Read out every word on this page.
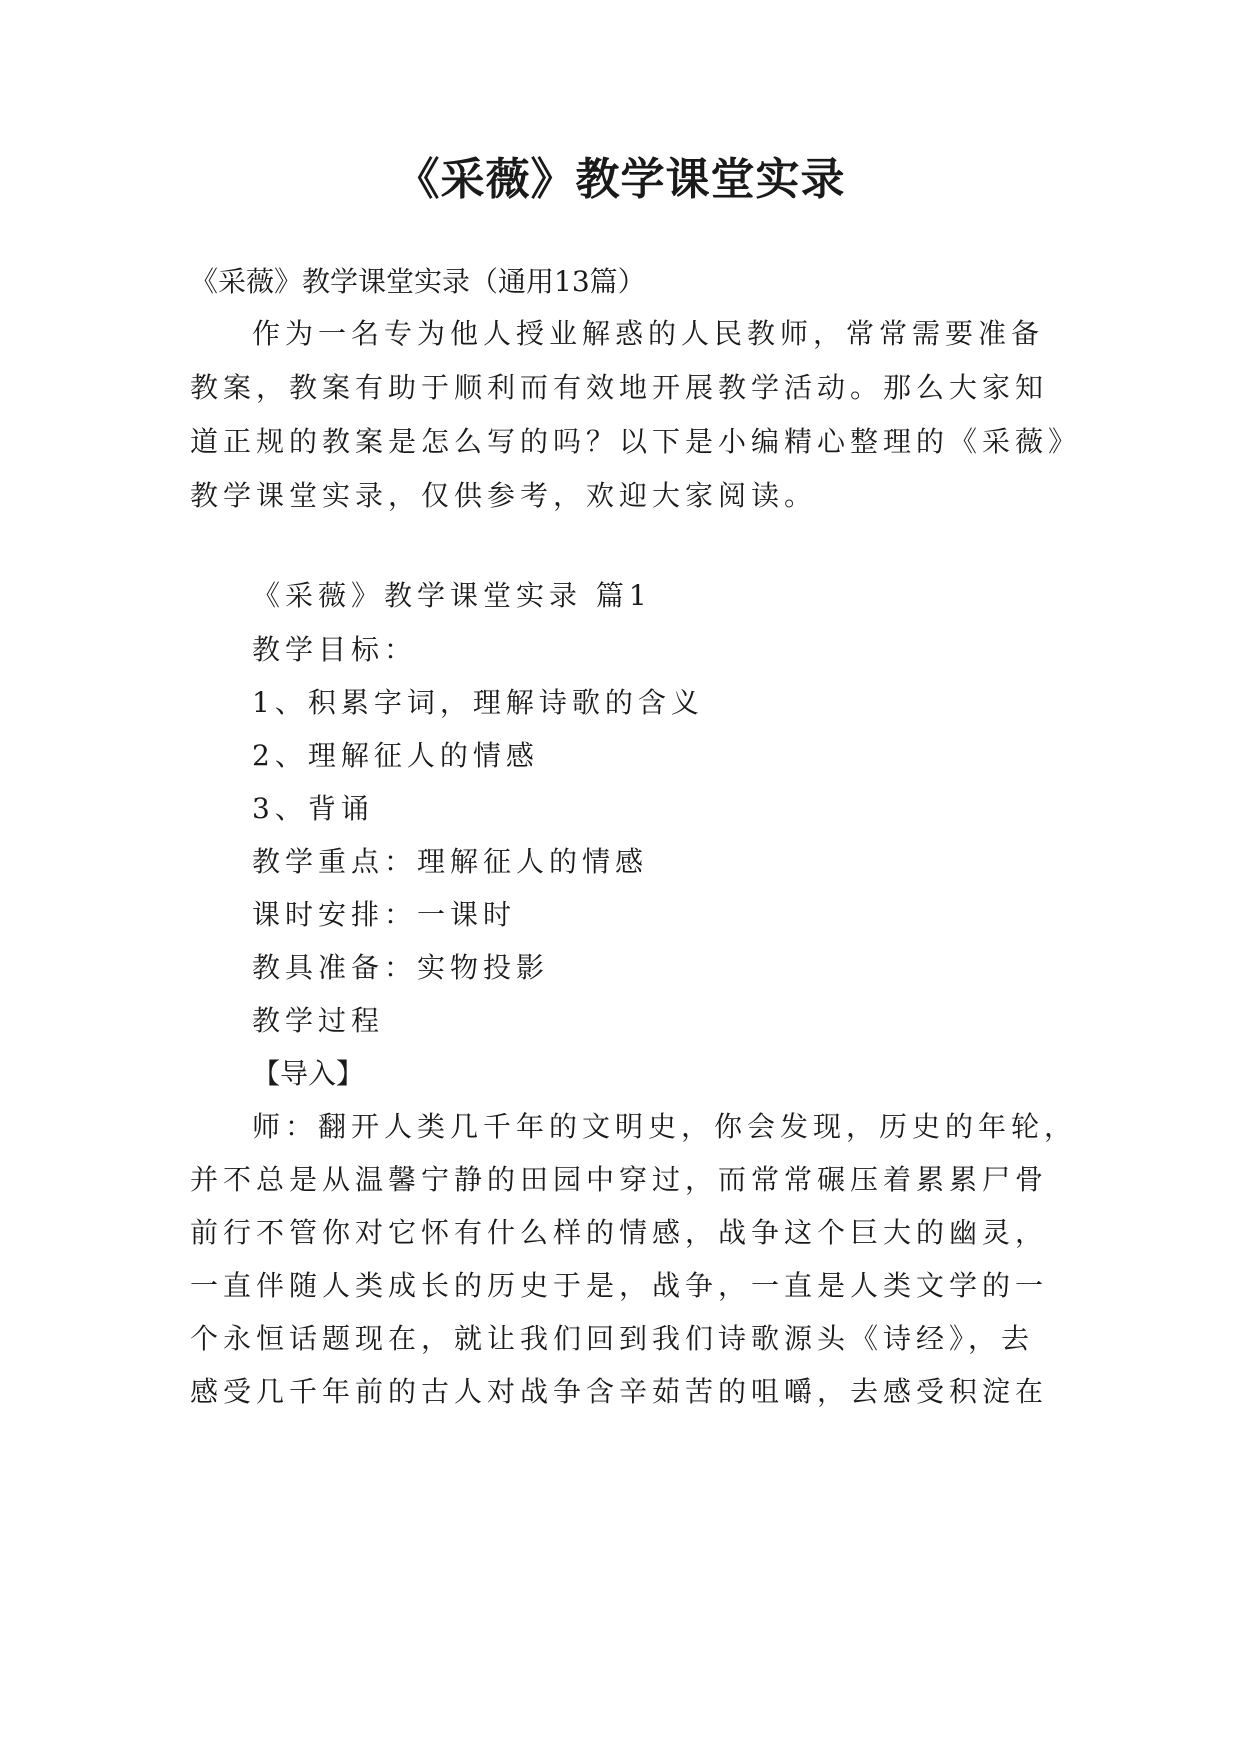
《采薇》教学课堂实录

《采薇》教学课堂实录（通用13篇）

作为一名专为他人授业解惑的人民教师，常常需要准备

教案，教案有助于顺利而有效地开展教学活动。那么大家知

道正规的教案是怎么写的吗？以下是小编精心整理的《采薇》

教学课堂实录，仅供参考，欢迎大家阅读。

《采薇》教学课堂实录 篇1

教学目标：

1、积累字词，理解诗歌的含义

2、理解征人的情感

3、背诵

教学重点：理解征人的情感

课时安排：一课时

教具准备：实物投影

教学过程

【导入】

师：翻开人类几千年的文明史，你会发现，历史的年轮，

并不总是从温馨宁静的田园中穿过，而常常碾压着累累尸骨

前行不管你对它怀有什么样的情感，战争这个巨大的幽灵，

一直伴随人类成长的历史于是，战争，一直是人类文学的一

个永恒话题现在，就让我们回到我们诗歌源头《诗经》，去

感受几千年前的古人对战争含辛茹苦的咀嚼，去感受积淀在
